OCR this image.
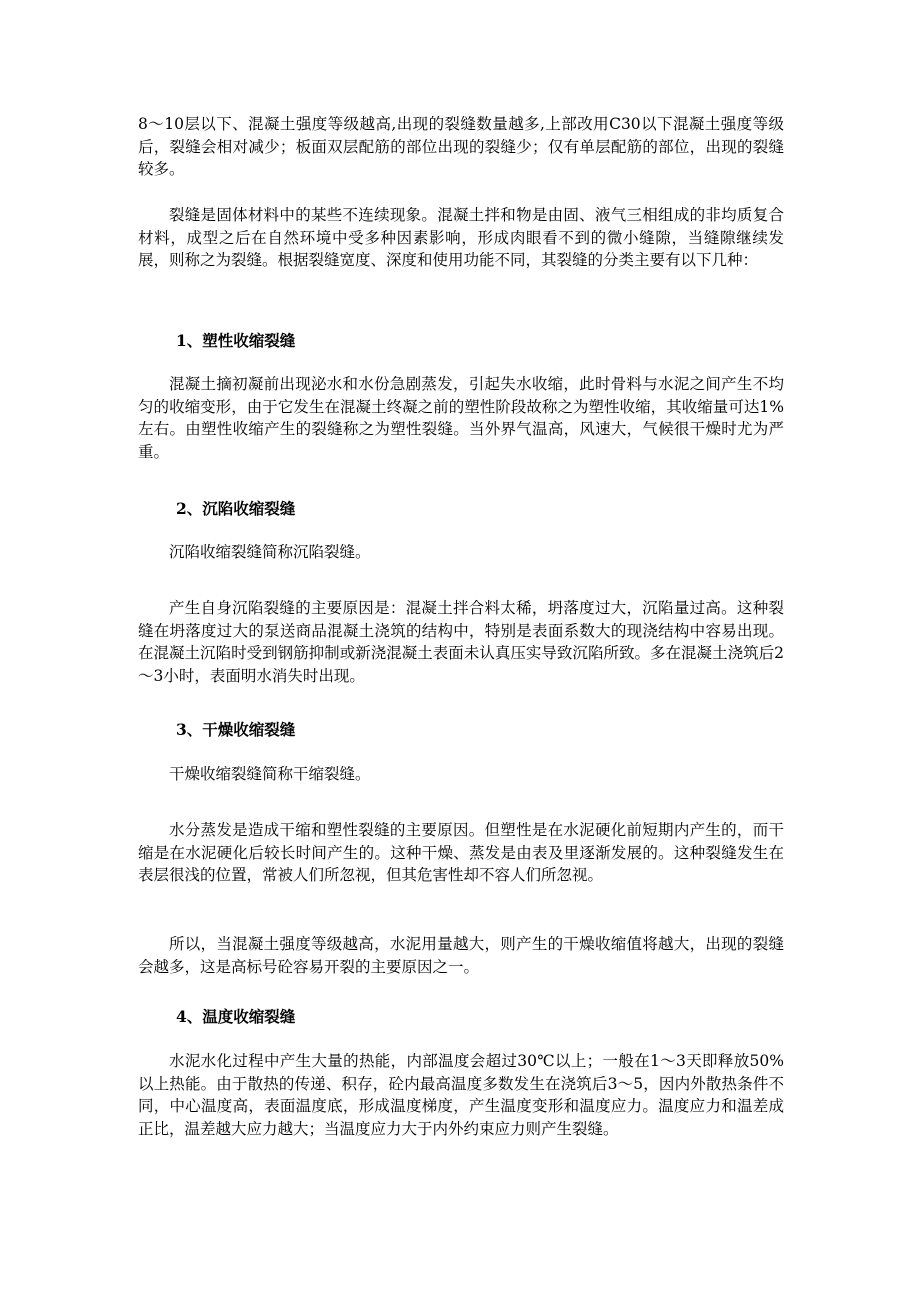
8～10层以下、混凝土强度等级越高,出现的裂缝数量越多,上部改用C30以下混凝土强度等级后，裂缝会相对减少；板面双层配筋的部位出现的裂缝少；仅有单层配筋的部位，出现的裂缝较多。

裂缝是固体材料中的某些不连续现象。混凝土拌和物是由固、液气三相组成的非均质复合材料，成型之后在自然环境中受多种因素影响，形成肉眼看不到的微小缝隙，当缝隙继续发展，则称之为裂缝。根据裂缝宽度、深度和使用功能不同，其裂缝的分类主要有以下几种：

1、塑性收缩裂缝

混凝土摘初凝前出现泌水和水份急剧蒸发，引起失水收缩，此时骨料与水泥之间产生不均匀的收缩变形，由于它发生在混凝土终凝之前的塑性阶段故称之为塑性收缩，其收缩量可达1%左右。由塑性收缩产生的裂缝称之为塑性裂缝。当外界气温高，风速大，气候很干燥时尤为严重。

2、沉陷收缩裂缝

沉陷收缩裂缝简称沉陷裂缝。

产生自身沉陷裂缝的主要原因是：混凝土拌合料太稀，坍落度过大，沉陷量过高。这种裂缝在坍落度过大的泵送商品混凝土浇筑的结构中，特别是表面系数大的现浇结构中容易出现。在混凝土沉陷时受到钢筋抑制或新浇混凝土表面未认真压实导致沉陷所致。多在混凝土浇筑后2～3小时，表面明水消失时出现。

3、干燥收缩裂缝

干燥收缩裂缝简称干缩裂缝。

水分蒸发是造成干缩和塑性裂缝的主要原因。但塑性是在水泥硬化前短期内产生的，而干缩是在水泥硬化后较长时间产生的。这种干燥、蒸发是由表及里逐渐发展的。这种裂缝发生在表层很浅的位置，常被人们所忽视，但其危害性却不容人们所忽视。

所以，当混凝土强度等级越高，水泥用量越大，则产生的干燥收缩值将越大，出现的裂缝会越多，这是高标号砼容易开裂的主要原因之一。

4、温度收缩裂缝

水泥水化过程中产生大量的热能，内部温度会超过30℃以上；一般在1～3天即释放50%以上热能。由于散热的传递、积存，砼内最高温度多数发生在浇筑后3～5，因内外散热条件不同，中心温度高，表面温度底，形成温度梯度，产生温度变形和温度应力。温度应力和温差成正比，温差越大应力越大；当温度应力大于内外约束应力则产生裂缝。
